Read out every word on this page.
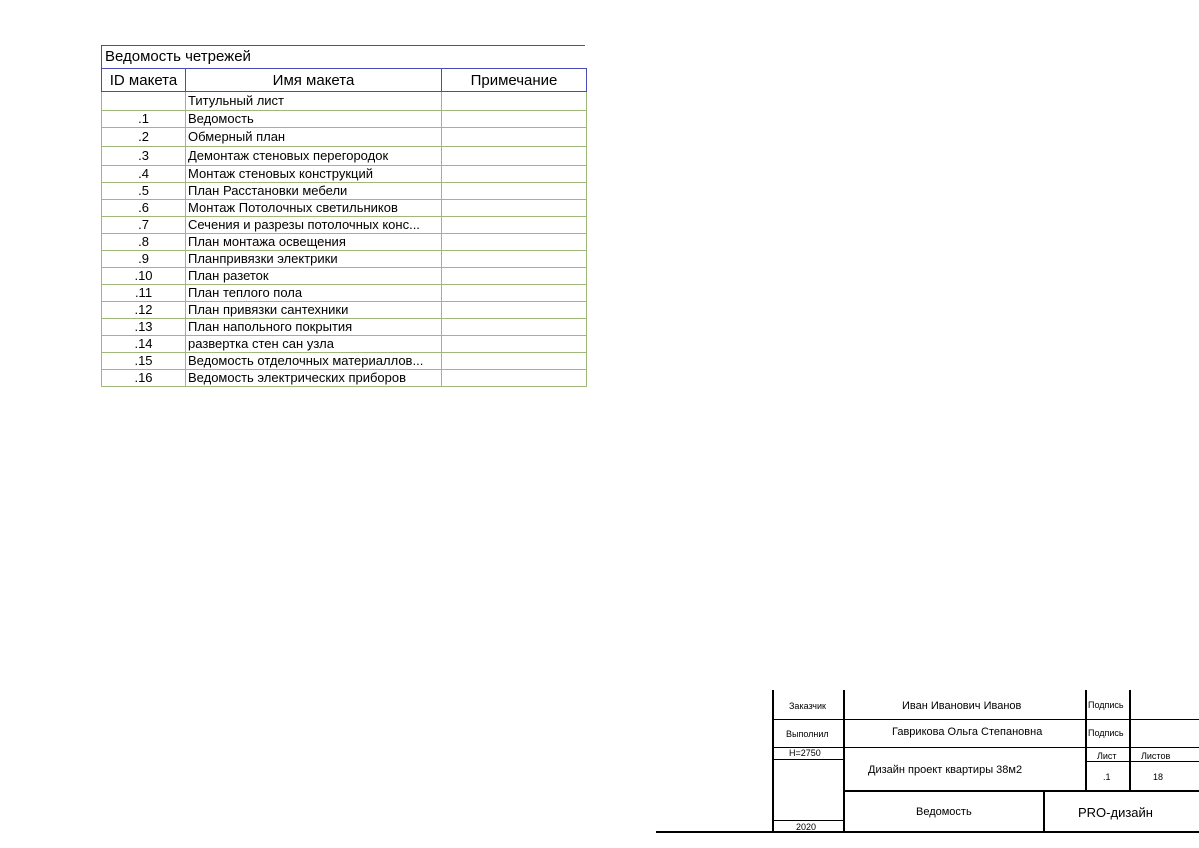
Ведомость четрежей
ID макета	Имя макета	Примечание
	Титульный лист	
.1	Ведомость	
.2	Обмерный план	
.3	Демонтаж стеновых перегородок	
.4	Монтаж стеновых конструкций	
.5	План Расстановки мебели	
.6	Монтаж Потолочных светильников	
.7	Сечения и разрезы потолочных конс...	
.8	План монтажа освещения	
.9	Планпривязки электрики	
.10	План разеток	
.11	План теплого пола	
.12	План привязки сантехники	
.13	План напольного покрытия	
.14	развертка стен сан узла	
.15	Ведомость отделочных материаллов...	
.16	Ведомость электрических приборов	
Заказчик	Иван Иванович Иванов	Подпись
Выполнил	Гаврикова Ольга Степановна	Подпись
H=2750
Дизайн проект квартиры 38м2
Лист	Листов
.1	18
Ведомость	PRO-дизайн
2020
